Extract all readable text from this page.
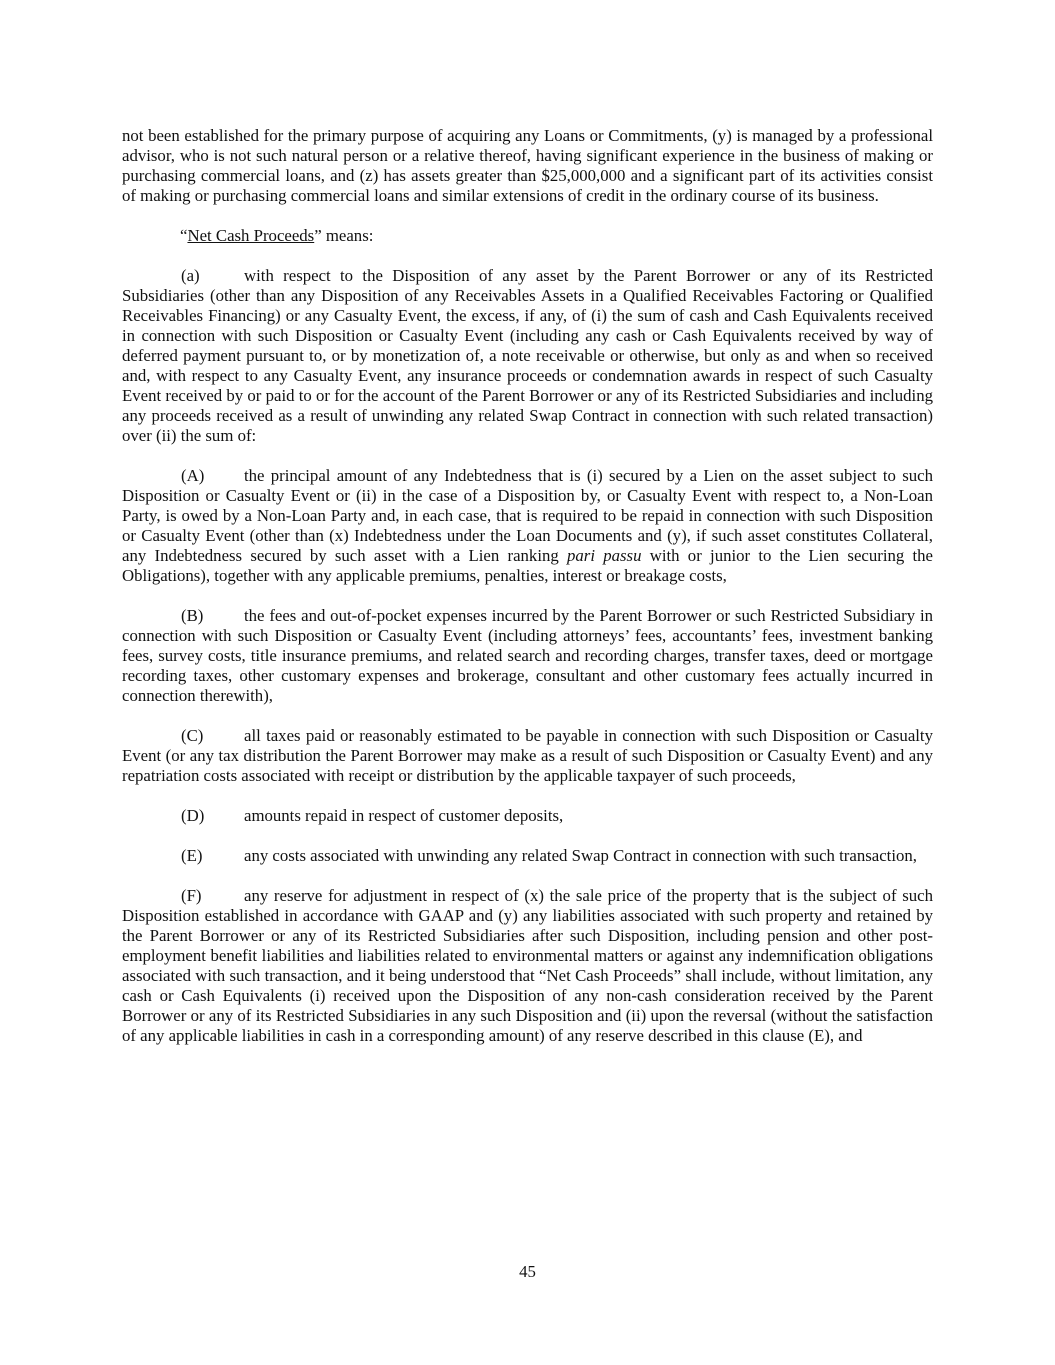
not been established for the primary purpose of acquiring any Loans or Commitments, (y) is managed by a professional advisor, who is not such natural person or a relative thereof, having significant experience in the business of making or purchasing commercial loans, and (z) has assets greater than $25,000,000 and a significant part of its activities consist of making or purchasing commercial loans and similar extensions of credit in the ordinary course of its business.

“Net Cash Proceeds” means:

(a)	with respect to the Disposition of any asset by the Parent Borrower or any of its Restricted Subsidiaries (other than any Disposition of any Receivables Assets in a Qualified Receivables Factoring or Qualified Receivables Financing) or any Casualty Event, the excess, if any, of (i) the sum of cash and Cash Equivalents received in connection with such Disposition or Casualty Event (including any cash or Cash Equivalents received by way of deferred payment pursuant to, or by monetization of, a note receivable or otherwise, but only as and when so received and, with respect to any Casualty Event, any insurance proceeds or condemnation awards in respect of such Casualty Event received by or paid to or for the account of the Parent Borrower or any of its Restricted Subsidiaries and including any proceeds received as a result of unwinding any related Swap Contract in connection with such related transaction) over (ii) the sum of:

(A) the principal amount of any Indebtedness that is (i) secured by a Lien on the asset subject to such Disposition or Casualty Event or (ii) in the case of a Disposition by, or Casualty Event with respect to, a Non-Loan Party, is owed by a Non-Loan Party and, in each case, that is required to be repaid in connection with such Disposition or Casualty Event (other than (x) Indebtedness under the Loan Documents and (y), if such asset constitutes Collateral, any Indebtedness secured by such asset with a Lien ranking pari passu with or junior to the Lien securing the Obligations), together with any applicable premiums, penalties, interest or breakage costs,

(B) the fees and out-of-pocket expenses incurred by the Parent Borrower or such Restricted Subsidiary in connection with such Disposition or Casualty Event (including attorneys’ fees, accountants’ fees, investment banking fees, survey costs, title insurance premiums, and related search and recording charges, transfer taxes, deed or mortgage recording taxes, other customary expenses and brokerage, consultant and other customary fees actually incurred in connection therewith),

(C) all taxes paid or reasonably estimated to be payable in connection with such Disposition or Casualty Event (or any tax distribution the Parent Borrower may make as a result of such Disposition or Casualty Event) and any repatriation costs associated with receipt or distribution by the applicable taxpayer of such proceeds,

(D) amounts repaid in respect of customer deposits,

(E) any costs associated with unwinding any related Swap Contract in connection with such transaction,

(F)	any reserve for adjustment in respect of (x) the sale price of the property that is the subject of such Disposition established in accordance with GAAP and (y) any liabilities associated with such property and retained by the Parent Borrower or any of its Restricted Subsidiaries after such Disposition, including pension and other post-employment benefit liabilities and liabilities related to environmental matters or against any indemnification obligations associated with such transaction, and it being understood that “Net Cash Proceeds” shall include, without limitation, any cash or Cash Equivalents (i) received upon the Disposition of any non-cash consideration received by the Parent Borrower or any of its Restricted Subsidiaries in any such Disposition and (ii) upon the reversal (without the satisfaction of any applicable liabilities in cash in a corresponding amount) of any reserve described in this clause (E), and

45
